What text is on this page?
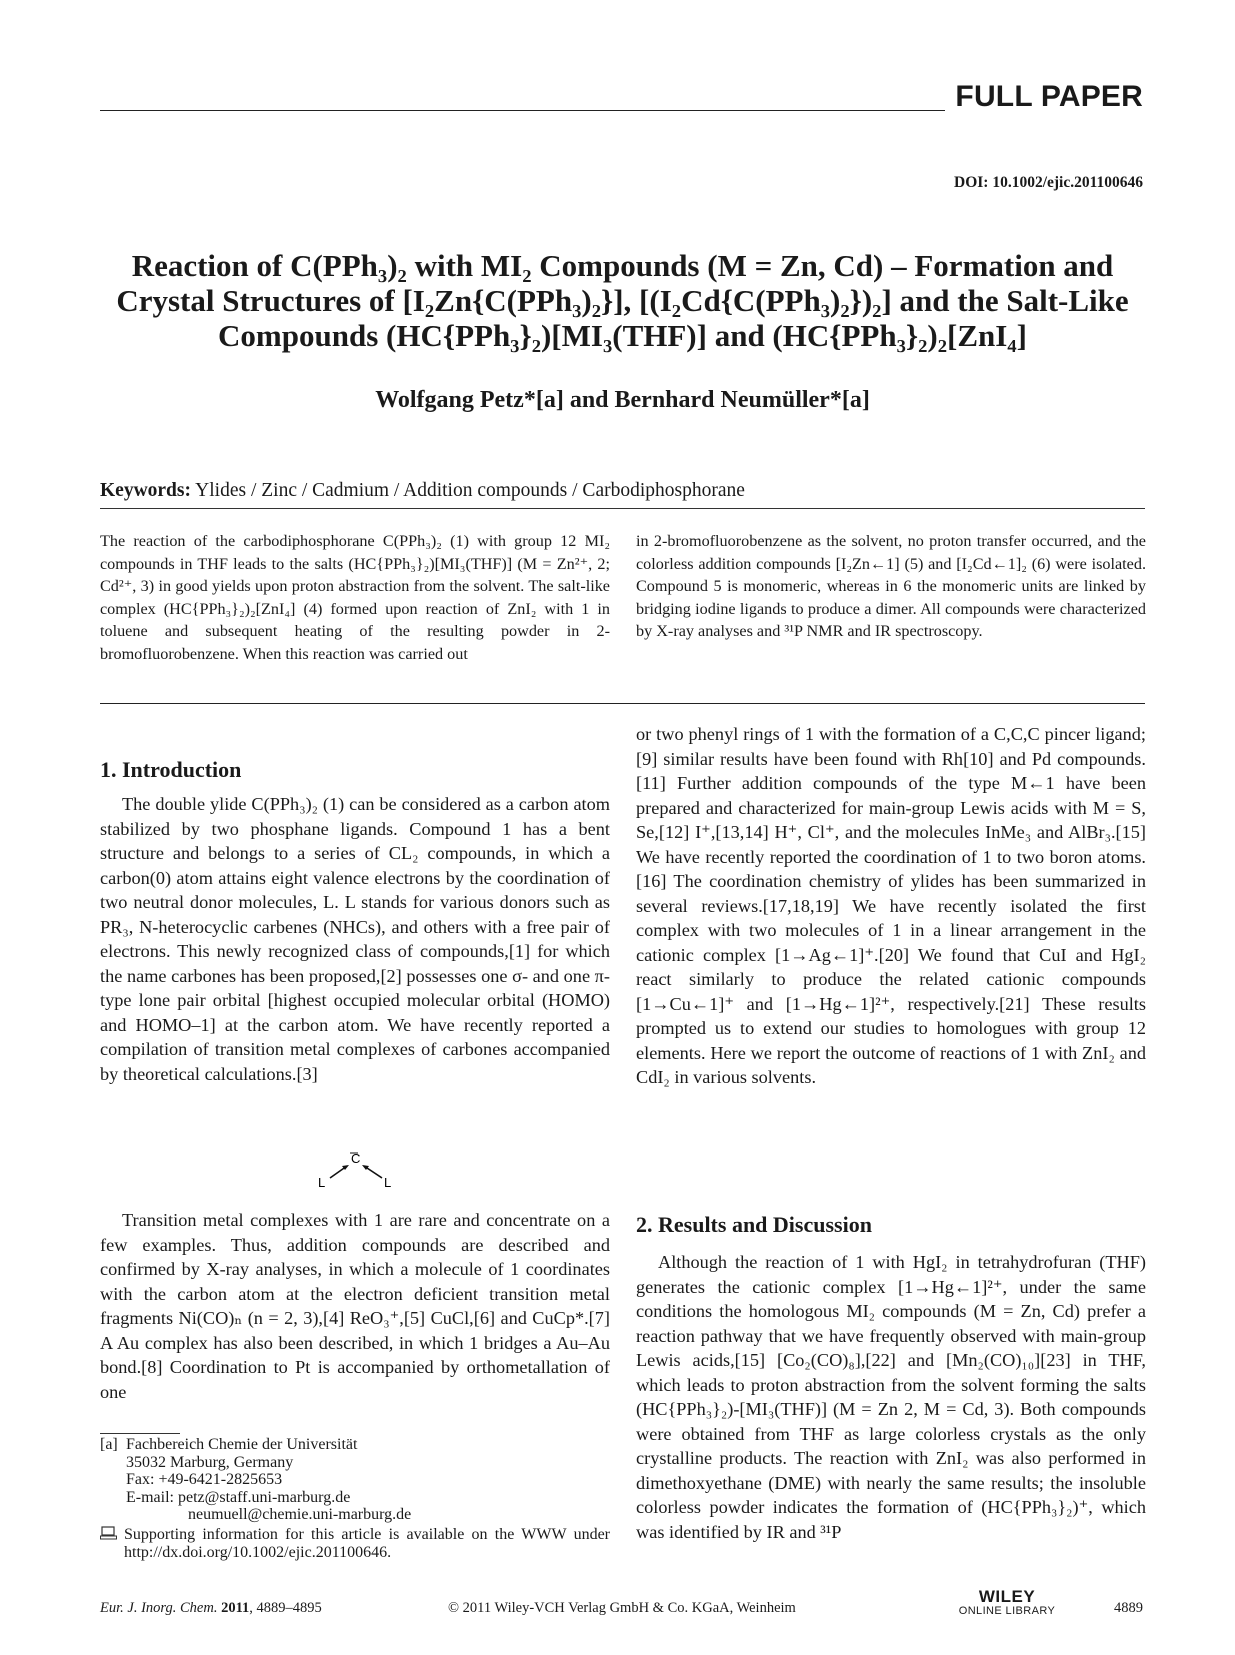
FULL PAPER
DOI: 10.1002/ejic.201100646
Reaction of C(PPh₃)₂ with MI₂ Compounds (M = Zn, Cd) – Formation and
Crystal Structures of [I₂Zn{C(PPh₃)₂}], [(I₂Cd{C(PPh₃)₂})₂] and the Salt-Like
Compounds (HC{PPh₃}₂)[MI₃(THF)] and (HC{PPh₃}₂)₂[ZnI₄]
Wolfgang Petz*[a] and Bernhard Neumüller*[a]
Keywords: Ylides / Zinc / Cadmium / Addition compounds / Carbodiphosphorane
The reaction of the carbodiphosphorane C(PPh₃)₂ (1) with group 12 MI₂ compounds in THF leads to the salts (HC{PPh₃}₂)[MI₃(THF)] (M = Zn²⁺, 2; Cd²⁺, 3) in good yields upon proton abstraction from the solvent. The salt-like complex (HC{PPh₃}₂)₂[ZnI₄] (4) formed upon reaction of ZnI₂ with 1 in toluene and subsequent heating of the resulting powder in 2-bromofluorobenzene. When this reaction was carried out
in 2-bromofluorobenzene as the solvent, no proton transfer occurred, and the colorless addition compounds [I₂Zn←1] (5) and [I₂Cd←1]₂ (6) were isolated. Compound 5 is monomeric, whereas in 6 the monomeric units are linked by bridging iodine ligands to produce a dimer. All compounds were characterized by X-ray analyses and ³¹P NMR and IR spectroscopy.
1. Introduction
The double ylide C(PPh₃)₂ (1) can be considered as a carbon atom stabilized by two phosphane ligands. Compound 1 has a bent structure and belongs to a series of CL₂ compounds, in which a carbon(0) atom attains eight valence electrons by the coordination of two neutral donor molecules, L. L stands for various donors such as PR₃, N-heterocyclic carbenes (NHCs), and others with a free pair of electrons. This newly recognized class of compounds,[1] for which the name carbones has been proposed,[2] possesses one σ- and one π-type lone pair orbital [highest occupied molecular orbital (HOMO) and HOMO–1] at the carbon atom. We have recently reported a compilation of transition metal complexes of carbones accompanied by theoretical calculations.[3]
C
L	L
Transition metal complexes with 1 are rare and concentrate on a few examples. Thus, addition compounds are described and confirmed by X-ray analyses, in which a molecule of 1 coordinates with the carbon atom at the electron deficient transition metal fragments Ni(CO)ₙ (n = 2, 3),[4] ReO₃⁺,[5] CuCl,[6] and CuCp*.[7] A Au complex has also been described, in which 1 bridges a Au–Au bond.[8] Coordination to Pt is accompanied by orthometallation of one
[a] Fachbereich Chemie der Universität
35032 Marburg, Germany
Fax: +49-6421-2825653
E-mail: petz@staff.uni-marburg.de
neumuell@chemie.uni-marburg.de
Supporting information for this article is available on the WWW under http://dx.doi.org/10.1002/ejic.201100646.
or two phenyl rings of 1 with the formation of a C,C,C pincer ligand;[9] similar results have been found with Rh[10] and Pd compounds.[11] Further addition compounds of the type M←1 have been prepared and characterized for main-group Lewis acids with M = S, Se,[12] I⁺,[13,14] H⁺, Cl⁺, and the molecules InMe₃ and AlBr₃.[15] We have recently reported the coordination of 1 to two boron atoms.[16] The coordination chemistry of ylides has been summarized in several reviews.[17,18,19] We have recently isolated the first complex with two molecules of 1 in a linear arrangement in the cationic complex [1→Ag←1]⁺.[20] We found that CuI and HgI₂ react similarly to produce the related cationic compounds [1→Cu←1]⁺ and [1→Hg←1]²⁺, respectively.[21] These results prompted us to extend our studies to homologues with group 12 elements. Here we report the outcome of reactions of 1 with ZnI₂ and CdI₂ in various solvents.
2. Results and Discussion
Although the reaction of 1 with HgI₂ in tetrahydrofuran (THF) generates the cationic complex [1→Hg←1]²⁺, under the same conditions the homologous MI₂ compounds (M = Zn, Cd) prefer a reaction pathway that we have frequently observed with main-group Lewis acids,[15] [Co₂(CO)₈],[22] and [Mn₂(CO)₁₀][23] in THF, which leads to proton abstraction from the solvent forming the salts (HC{PPh₃}₂)-[MI₃(THF)] (M = Zn 2, M = Cd, 3). Both compounds were obtained from THF as large colorless crystals as the only crystalline products. The reaction with ZnI₂ was also performed in dimethoxyethane (DME) with nearly the same results; the insoluble colorless powder indicates the formation of (HC{PPh₃}₂)⁺, which was identified by IR and ³¹P
Eur. J. Inorg. Chem. 2011, 4889–4895	© 2011 Wiley-VCH Verlag GmbH & Co. KGaA, Weinheim
WILEY
ONLINE LIBRARY	4889
